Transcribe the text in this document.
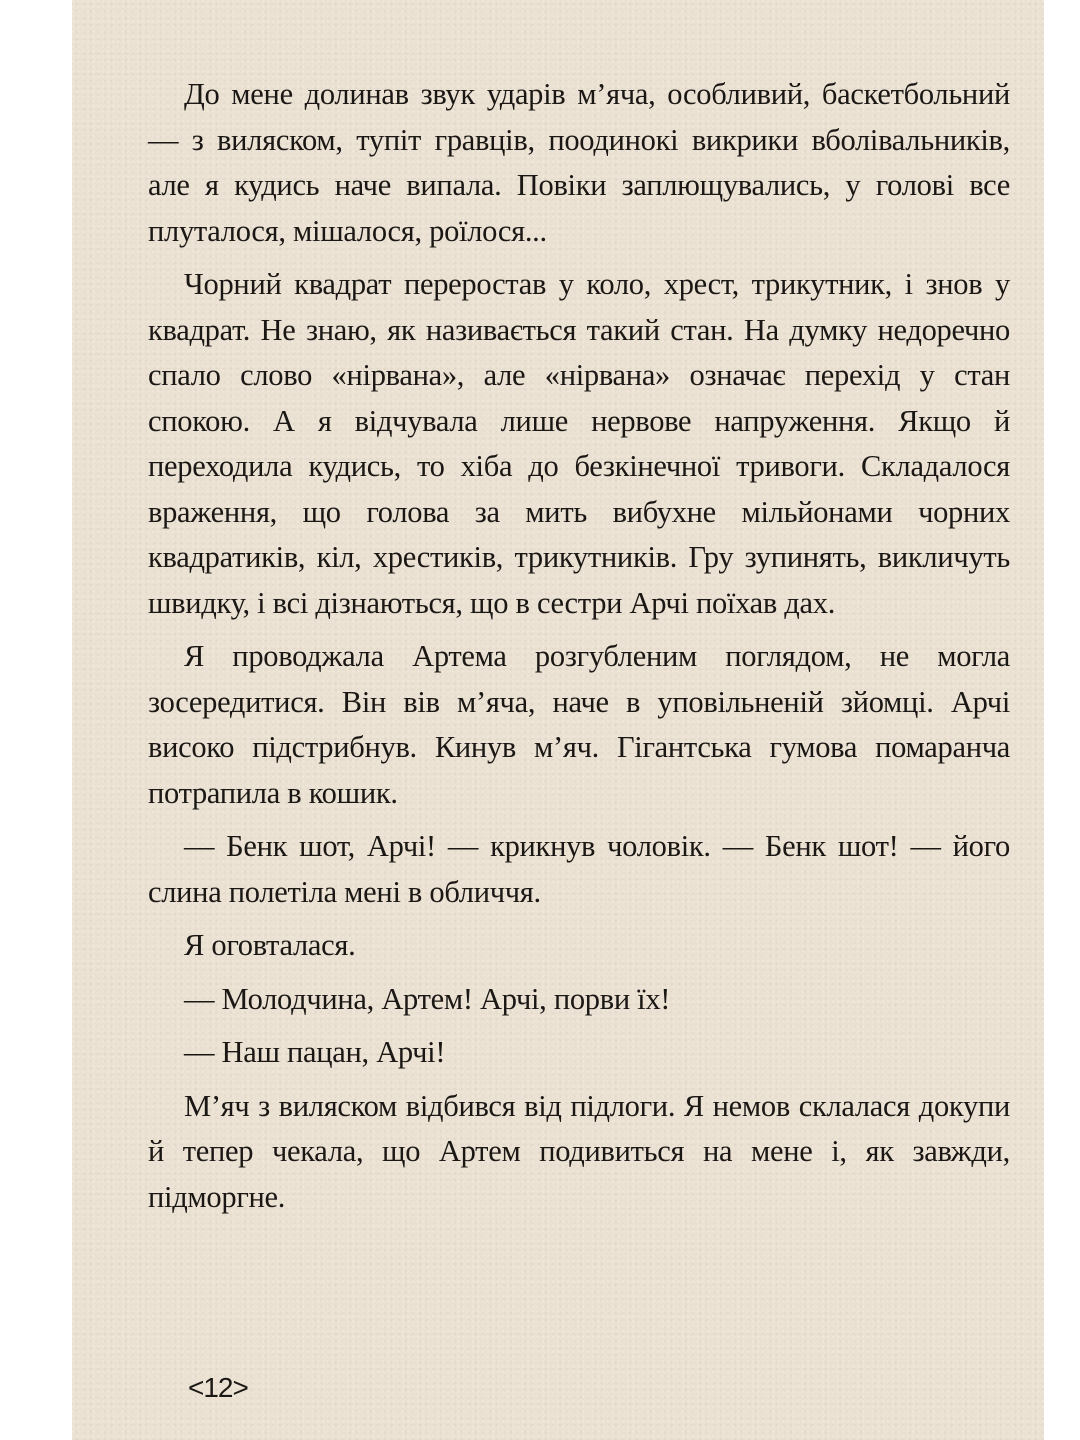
До мене долинав звук ударів м’яча, особливий, баскетбольний — з виляском, тупіт гравців, поодинокі викрики вболівальників, але я кудись наче випала. Повіки заплющувались, у голові все плуталося, мішалося, роїлося...

Чорний квадрат переростав у коло, хрест, трикутник, і знов у квадрат. Не знаю, як називається такий стан. На думку недоречно спало слово «нірвана», але «нірвана» означає перехід у стан спокою. А я відчувала лише нервове напруження. Якщо й переходила кудись, то хіба до безкінечної тривоги. Складалося враження, що голова за мить вибухне мільйонами чорних квадратиків, кіл, хрестиків, трикутників. Гру зупинять, викличуть швидку, і всі дізнаються, що в сестри Арчі поїхав дах.

Я проводжала Артема розгубленим поглядом, не могла зосередитися. Він вів м’яча, наче в уповільненій зйомці. Арчі високо підстрибнув. Кинув м’яч. Гігантська гумова помаранча потрапила в кошик.

— Бенк шот, Арчі! — крикнув чоловік. — Бенк шот! — його слина полетіла мені в обличчя.

Я оговталася.

— Молодчина, Артем! Арчі, порви їх!

— Наш пацан, Арчі!

М’яч з виляском відбився від підлоги. Я немов склалася докупи й тепер чекала, що Артем подивиться на мене і, як завжди, підморгне.

<12>
